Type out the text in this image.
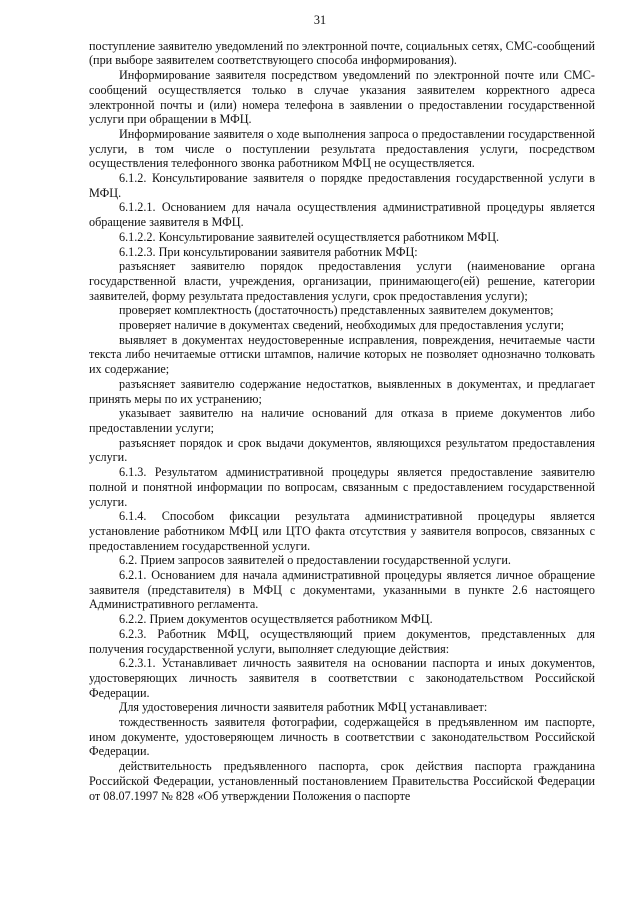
31

поступление заявителю уведомлений по электронной почте, социальных сетях, СМС-сообщений (при выборе заявителем соответствующего способа информирования).

Информирование заявителя посредством уведомлений по электронной почте или СМС-сообщений осуществляется только в случае указания заявителем корректного адреса электронной почты и (или) номера телефона в заявлении о предоставлении государственной услуги при обращении в МФЦ.

Информирование заявителя о ходе выполнения запроса о предоставлении государственной услуги, в том числе о поступлении результата предоставления услуги, посредством осуществления телефонного звонка работником МФЦ не осуществляется.

6.1.2. Консультирование заявителя о порядке предоставления государственной услуги в МФЦ.

6.1.2.1. Основанием для начала осуществления административной процедуры является обращение заявителя в МФЦ.

6.1.2.2. Консультирование заявителей осуществляется работником МФЦ.

6.1.2.3. При консультировании заявителя работник МФЦ:

разъясняет заявителю порядок предоставления услуги (наименование органа государственной власти, учреждения, организации, принимающего(ей) решение, категории заявителей, форму результата предоставления услуги, срок предоставления услуги);

проверяет комплектность (достаточность) представленных заявителем документов;

проверяет наличие в документах сведений, необходимых для предоставления услуги;

выявляет в документах неудостоверенные исправления, повреждения, нечитаемые части текста либо нечитаемые оттиски штампов, наличие которых не позволяет однозначно толковать их содержание;

разъясняет заявителю содержание недостатков, выявленных в документах, и предлагает принять меры по их устранению;

указывает заявителю на наличие оснований для отказа в приеме документов либо предоставлении услуги;

разъясняет порядок и срок выдачи документов, являющихся результатом предоставления услуги.

6.1.3. Результатом административной процедуры является предоставление заявителю полной и понятной информации по вопросам, связанным с предоставлением государственной услуги.

6.1.4. Способом фиксации результата административной процедуры является установление работником МФЦ или ЦТО факта отсутствия у заявителя вопросов, связанных с предоставлением государственной услуги.

6.2. Прием запросов заявителей о предоставлении государственной услуги.

6.2.1. Основанием для начала административной процедуры является личное обращение заявителя (представителя) в МФЦ с документами, указанными в пункте 2.6 настоящего Административного регламента.

6.2.2. Прием документов осуществляется работником МФЦ.

6.2.3. Работник МФЦ, осуществляющий прием документов, представленных для получения государственной услуги, выполняет следующие действия:

6.2.3.1. Устанавливает личность заявителя на основании паспорта и иных документов, удостоверяющих личность заявителя в соответствии с законодательством Российской Федерации.

Для удостоверения личности заявителя работник МФЦ устанавливает:

тождественность заявителя фотографии, содержащейся в предъявленном им паспорте, ином документе, удостоверяющем личность в соответствии с законодательством Российской Федерации.

действительность предъявленного паспорта, срок действия паспорта гражданина Российской Федерации, установленный постановлением Правительства Российской Федерации от 08.07.1997 № 828 «Об утверждении Положения о паспорте
